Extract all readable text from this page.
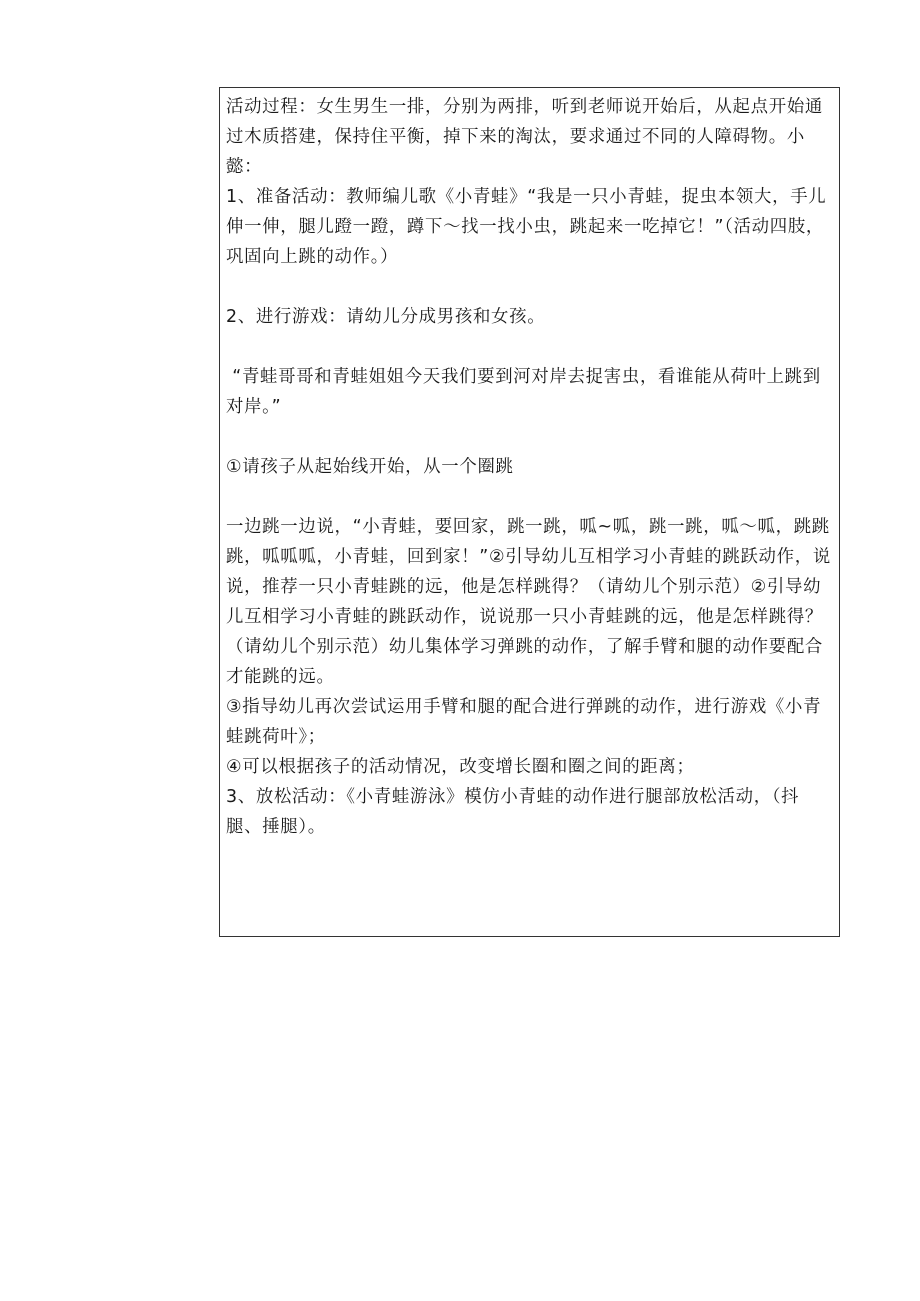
活动过程：女生男生一排，分别为两排，听到老师说开始后，从起点开始通过木质搭建，保持住平衡，掉下来的淘汰，要求通过不同的人障碍物。小懿：

1、准备活动：教师编儿歌《小青蛙》“我是一只小青蛙，捉虫本领大，手儿伸一伸，腿儿蹬一蹬，蹲下～找一找小虫，跳起来一吃掉它！”（活动四肢，巩固向上跳的动作。）

2、进行游戏：请幼儿分成男孩和女孩。

“青蛙哥哥和青蛙姐姐今天我们要到河对岸去捉害虫，看谁能从荷叶上跳到对岸。”

①请孩子从起始线开始，从一个圈跳

一边跳一边说，“小青蛙，要回家，跳一跳，呱~呱，跳一跳，呱～呱，跳跳跳，呱呱呱，小青蛙，回到家！”②引导幼儿互相学习小青蛙的跳跃动作，说说，推荐一只小青蛙跳的远，他是怎样跳得？（请幼儿个别示范）②引导幼儿互相学习小青蛙的跳跃动作，说说那一只小青蛙跳的远，他是怎样跳得？（请幼儿个别示范）幼儿集体学习弹跳的动作，了解手臂和腿的动作要配合才能跳的远。

③指导幼儿再次尝试运用手臂和腿的配合进行弹跳的动作，进行游戏《小青蛙跳荷叶》；

④可以根据孩子的活动情况，改变增长圈和圈之间的距离；

3、放松活动：《小青蛙游泳》模仿小青蛙的动作进行腿部放松活动，（抖腿、捶腿）。
